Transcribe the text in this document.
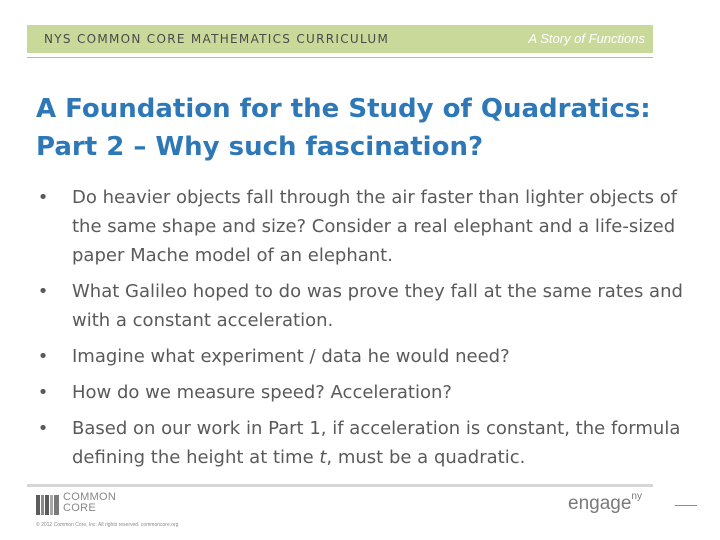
NYS COMMON CORE MATHEMATICS CURRICULUM	A Story of Functions
A Foundation for the Study of Quadratics:
Part 2 – Why such fascination?
• Do heavier objects fall through the air faster than lighter objects of the same shape and size? Consider a real elephant and a life-sized paper Mache model of an elephant.
• What Galileo hoped to do was prove they fall at the same rates and with a constant acceleration.
• Imagine what experiment / data he would need?
• How do we measure speed? Acceleration?
• Based on our work in Part 1, if acceleration is constant, the formula defining the height at time t, must be a quadratic.
COMMON
CORE
© 2012 Common Core, Inc. All rights reserved. commoncore.org
engage$^{ny}$
